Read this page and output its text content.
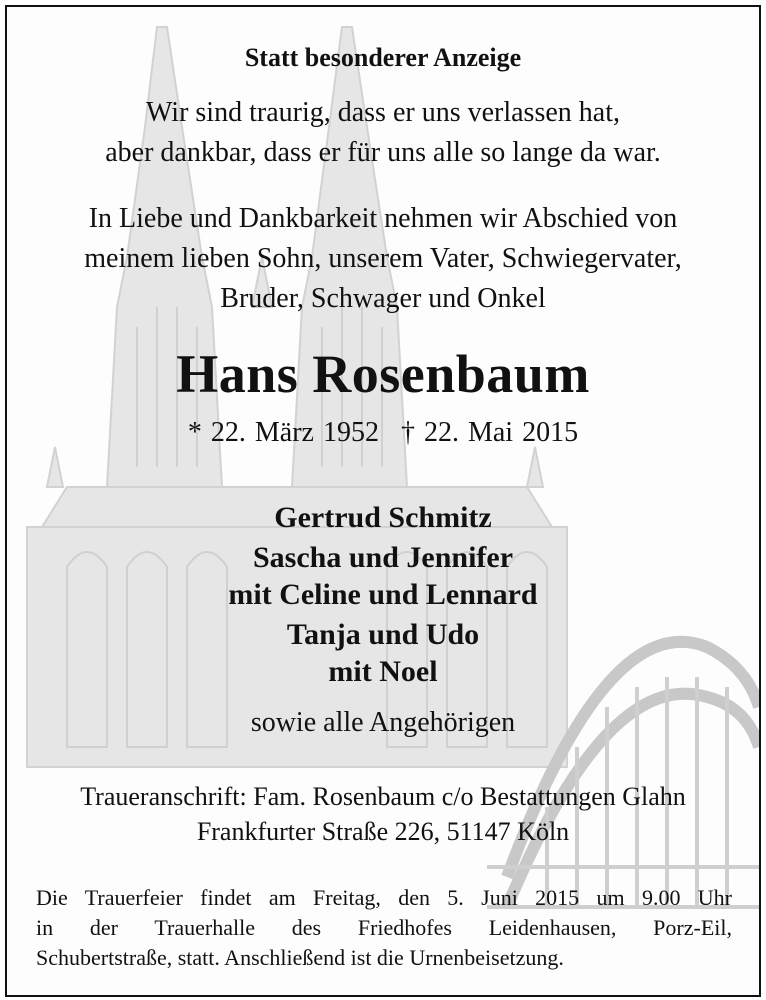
Statt besonderer Anzeige
Wir sind traurig, dass er uns verlassen hat,
aber dankbar, dass er für uns alle so lange da war.
In Liebe und Dankbarkeit nehmen wir Abschied von
meinem lieben Sohn, unserem Vater, Schwiegervater,
Bruder, Schwager und Onkel
Hans Rosenbaum
* 22. März 1952 † 22. Mai 2015
Gertrud Schmitz
Sascha und Jennifer
mit Celine und Lennard
Tanja und Udo
mit Noel
sowie alle Angehörigen
Traueranschrift: Fam. Rosenbaum c/o Bestattungen Glahn
Frankfurter Straße 226, 51147 Köln
Die Trauerfeier findet am Freitag, den 5. Juni 2015 um 9.00 Uhr
in der Trauerhalle des Friedhofes Leidenhausen, Porz-Eil,
Schubertstraße, statt. Anschließend ist die Urnenbeisetzung.
